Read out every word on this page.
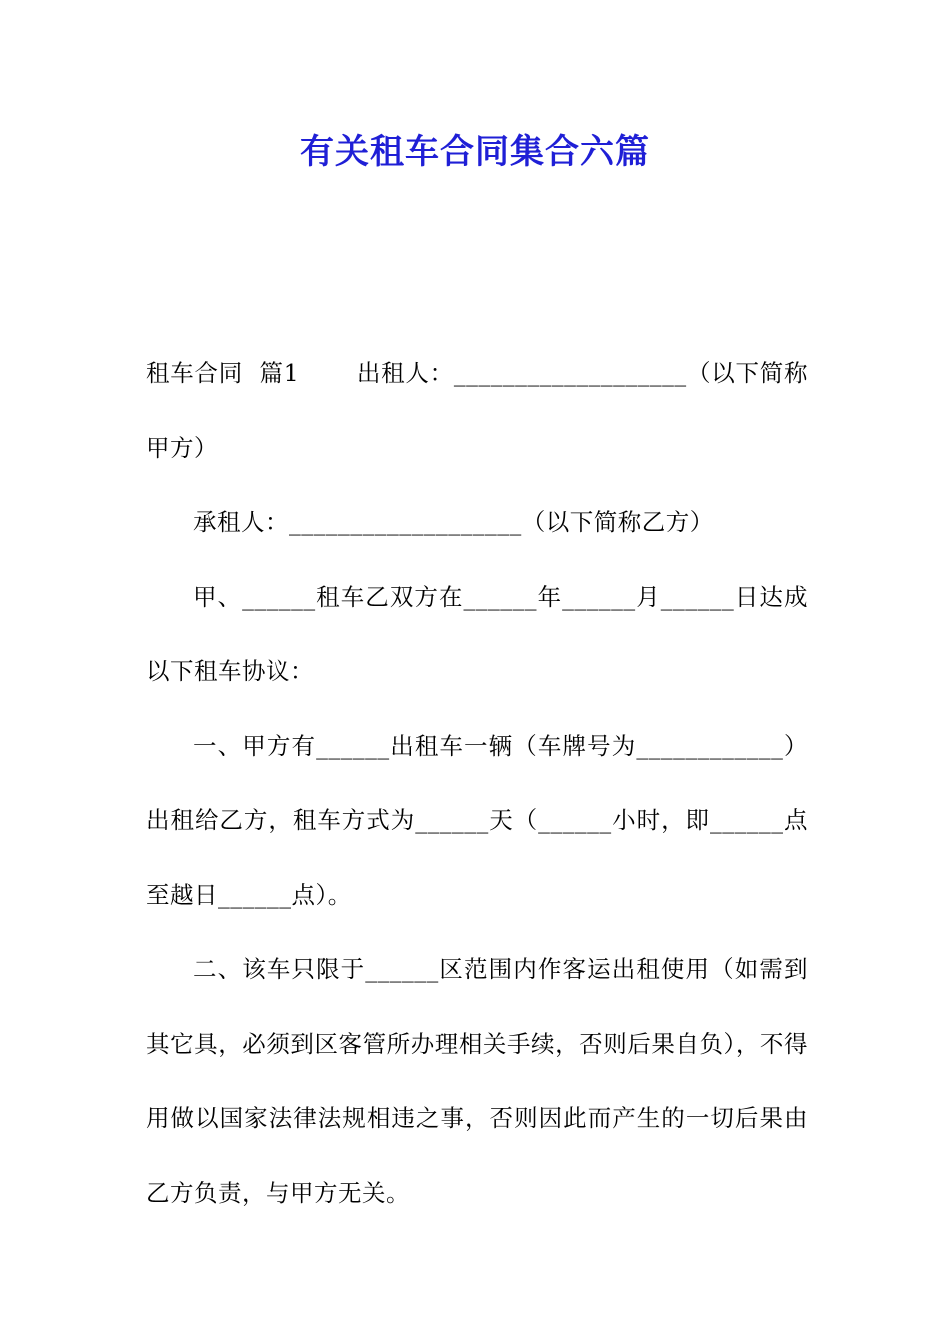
有关租车合同集合六篇

租车合同  篇1       出租人：___________________（以下简称甲方）

承租人：___________________（以下简称乙方）

甲、______租车乙双方在______年______月______日达成以下租车协议：

一、甲方有______出租车一辆（车牌号为____________）出租给乙方，租车方式为______天（______小时，即______点至越日______点）。

二、该车只限于______区范围内作客运出租使用（如需到其它具，必须到区客管所办理相关手续，否则后果自负），不得用做以国家法律法规相违之事，否则因此而产生的一切后果由乙方负责，与甲方无关。
